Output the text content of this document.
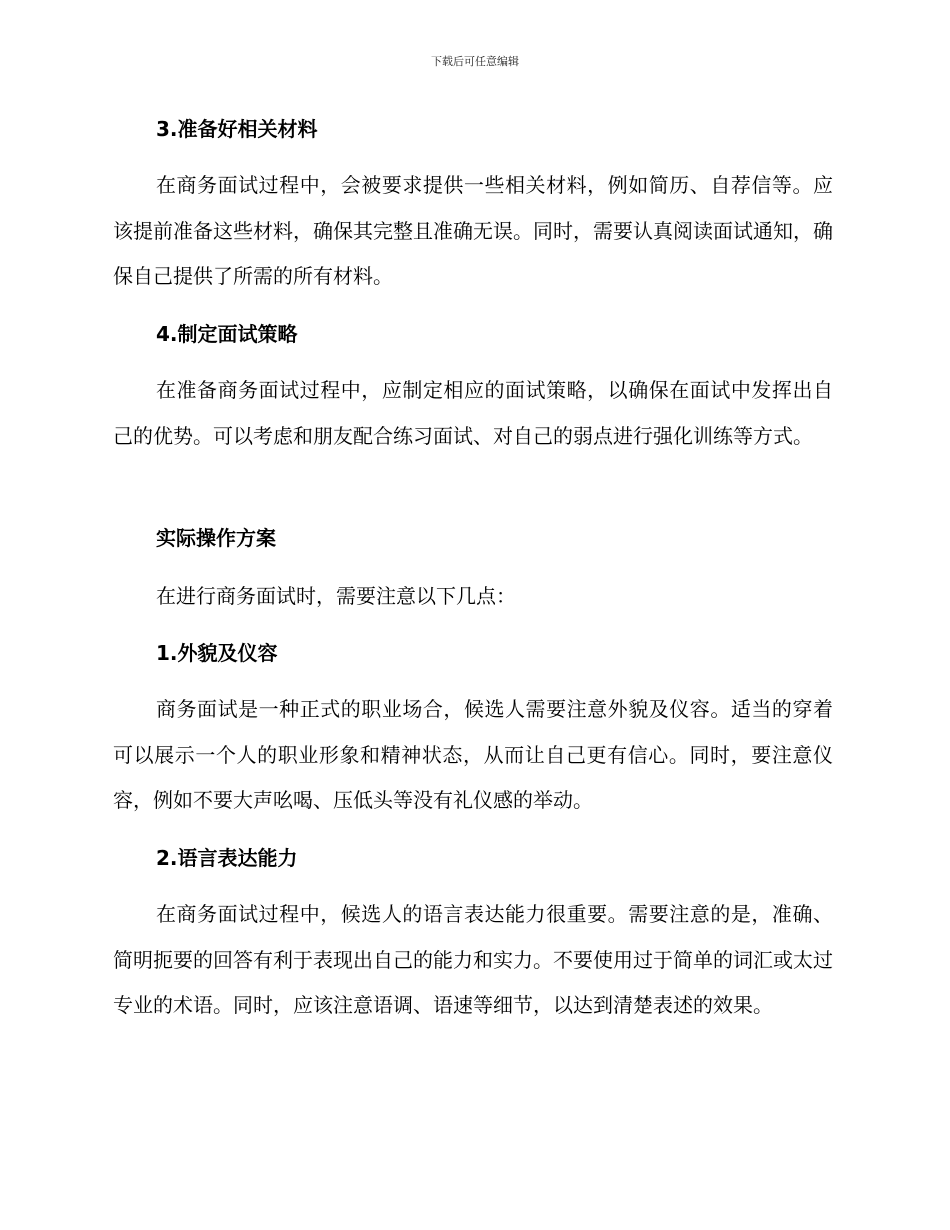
下载后可任意编辑
3.准备好相关材料
在商务面试过程中，会被要求提供一些相关材料，例如简历、自荐信等。应该提前准备这些材料，确保其完整且准确无误。同时，需要认真阅读面试通知，确保自己提供了所需的所有材料。
4.制定面试策略
在准备商务面试过程中，应制定相应的面试策略，以确保在面试中发挥出自己的优势。可以考虑和朋友配合练习面试、对自己的弱点进行强化训练等方式。
实际操作方案
在进行商务面试时，需要注意以下几点：
1.外貌及仪容
商务面试是一种正式的职业场合，候选人需要注意外貌及仪容。适当的穿着可以展示一个人的职业形象和精神状态，从而让自己更有信心。同时，要注意仪容，例如不要大声吆喝、压低头等没有礼仪感的举动。
2.语言表达能力
在商务面试过程中，候选人的语言表达能力很重要。需要注意的是，准确、简明扼要的回答有利于表现出自己的能力和实力。不要使用过于简单的词汇或太过专业的术语。同时，应该注意语调、语速等细节，以达到清楚表述的效果。
